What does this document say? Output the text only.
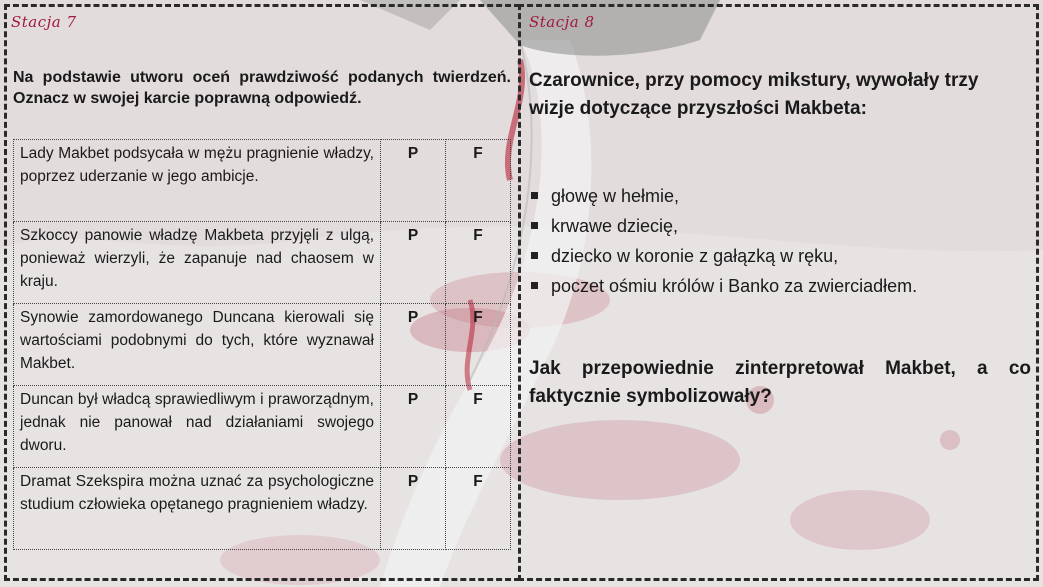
Stacja 7
Na podstawie utworu oceń prawdziwość podanych twierdzeń. Oznacz w swojej karcie poprawną odpowiedź.
Lady Makbet podsycała w mężu pragnienie władzy, poprzez uderzanie w jego ambicje.	P	F
Szkoccy panowie władzę Makbeta przyjęli z ulgą, ponieważ wierzyli, że zapanuje nad chaosem w kraju.	P	F
Synowie zamordowanego Duncana kierowali się wartościami podobnymi do tych, które wyznawał Makbet.	P	F
Duncan był władcą sprawiedliwym i praworządnym, jednak nie panował nad działaniami swojego dworu.	P	F
Dramat Szekspira można uznać za psychologiczne studium człowieka opętanego pragnieniem władzy.	P	F
Stacja 8
Czarownice, przy pomocy mikstury, wywołały trzy wizje dotyczące przyszłości Makbeta:
głowę w hełmie,
krwawe dziecię,
dziecko w koronie z gałązką w ręku,
poczet ośmiu królów i Banko za zwierciadłem.
Jak przepowiednie zinterpretował Makbet, a co faktycznie symbolizowały?
